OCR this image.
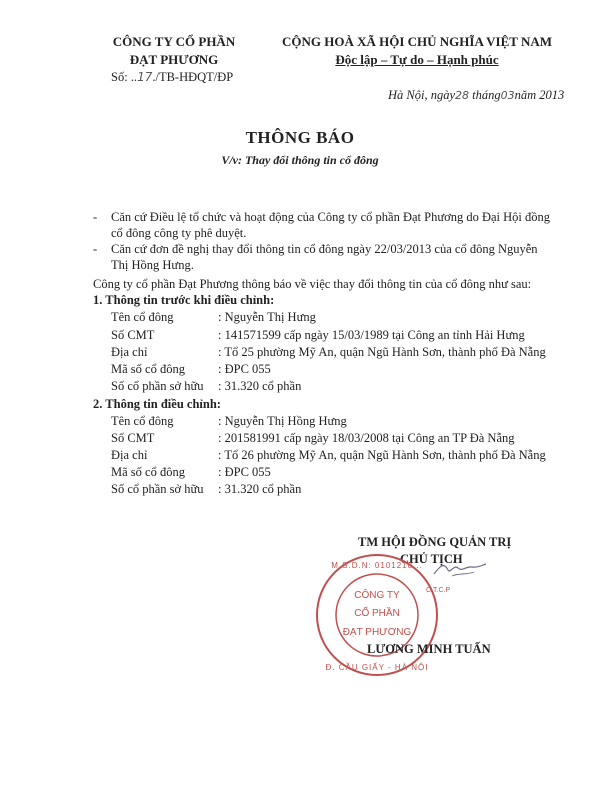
CÔNG TY CỔ PHẦN
ĐẠT PHƯƠNG
Số: ..17./TB-HĐQT/ĐP
CỘNG HOÀ XÃ HỘI CHỦ NGHĨA VIỆT NAM
Độc lập – Tự do – Hạnh phúc
Hà Nội, ngày28 tháng03năm 2013
THÔNG BÁO
V/v: Thay đổi thông tin cổ đông
- Căn cứ Điều lệ tổ chức và hoạt động của Công ty cổ phần Đạt Phương do Đại Hội đồng
cổ đông công ty phê duyệt.
- Căn cứ đơn đề nghị thay đổi thông tin cổ đông ngày 22/03/2013 của cổ đông Nguyễn
Thị Hồng Hưng.
Công ty cổ phần Đạt Phương thông báo về việc thay đổi thông tin của cổ đông như sau:
1. Thông tin trước khi điều chỉnh:
Tên cổ đông	: Nguyễn Thị Hưng
Số CMT	: 141571599 cấp ngày 15/03/1989 tại Công an tỉnh Hải Hưng
Địa chỉ	: Tổ 25 phường Mỹ An, quận Ngũ Hành Sơn, thành phố Đà Nẵng
Mã số cổ đông	: ĐPC 055
Số cổ phần sở hữu : 31.320 cổ phần
2. Thông tin điều chỉnh:
Tên cổ đông	: Nguyễn Thị Hồng Hưng
Số CMT	: 201581991 cấp ngày 18/03/2008 tại Công an TP Đà Nẵng
Địa chỉ	: Tổ 26 phường Mỹ An, quận Ngũ Hành Sơn, thành phố Đà Nẵng
Mã số cổ đông	: ĐPC 055
Số cổ phần sở hữu : 31.320 cổ phần
TM HỘI ĐỒNG QUẢN TRỊ
CHỦ TỊCH
M.S.D.N: 0101218...
Đ. CẦU GIẤY - HÀ NỘI
CÔNG TY
CỔ PHẦN
ĐẠT PHƯƠNG
C.T.C.P
LƯƠNG MINH TUẤN
